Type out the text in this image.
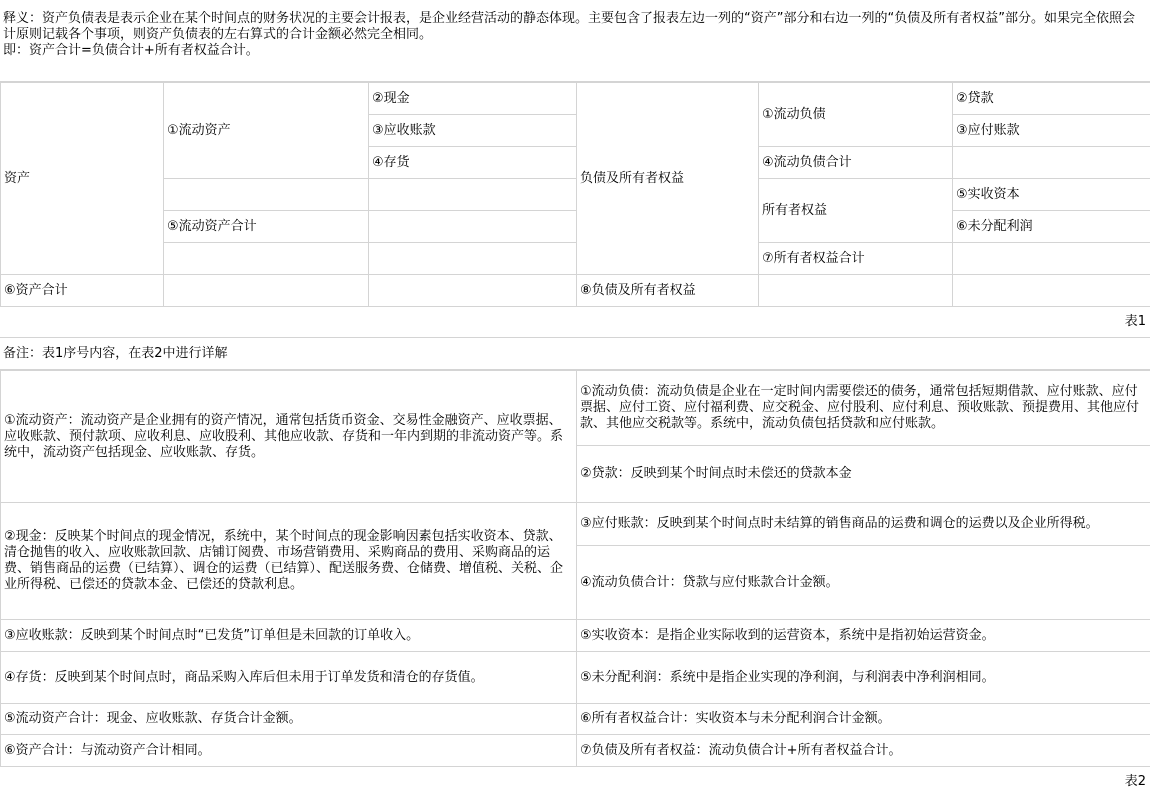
释义：资产负债表是表示企业在某个时间点的财务状况的主要会计报表，是企业经营活动的静态体现。主要包含了报表左边一列的“资产”部分和右边一列的“负债及所有者权益”部分。如果完全依照会计原则记载各个事项，则资产负债表的左右算式的合计金额必然完全相同。

即：资产合计=负债合计+所有者权益合计。

资产	①流动资产	②现金	负债及所有者权益	①流动负债	②贷款
		③应收账款			③应付账款
		④存货		④流动负债合计	
				所有者权益	⑤实收资本
	⑤流动资产合计				⑥未分配利润
				⑦所有者权益合计	
⑥资产合计			⑧负债及所有者权益		
表1
备注：表1序号内容，在表2中进行详解
①流动资产：流动资产是企业拥有的资产情况，通常包括货币资金、交易性金融资产、应收票据、应收账款、预付款项、应收利息、应收股利、其他应收款、存货和一年内到期的非流动资产等。系统中，流动资产包括现金、应收账款、存货。	①流动负债：流动负债是企业在一定时间内需要偿还的债务，通常包括短期借款、应付账款、应付票据、应付工资、应付福利费、应交税金、应付股利、应付利息、预收账款、预提费用、其他应付款、其他应交税款等。系统中，流动负债包括贷款和应付账款。
	②贷款：反映到某个时间点时未偿还的贷款本金
②现金：反映某个时间点的现金情况，系统中，某个时间点的现金影响因素包括实收资本、贷款、清仓抛售的收入、应收账款回款、店铺订阅费、市场营销费用、采购商品的费用、采购商品的运费、销售商品的运费（已结算）、调仓的运费（已结算）、配送服务费、仓储费、增值税、关税、企业所得税、已偿还的贷款本金、已偿还的贷款利息。	③应付账款：反映到某个时间点时未结算的销售商品的运费和调仓的运费以及企业所得税。
	④流动负债合计：贷款与应付账款合计金额。
③应收账款：反映到某个时间点时“已发货”订单但是未回款的订单收入。	⑤实收资本：是指企业实际收到的运营资本，系统中是指初始运营资金。
④存货：反映到某个时间点时，商品采购入库后但未用于订单发货和清仓的存货值。	⑤未分配利润：系统中是指企业实现的净利润，与利润表中净利润相同。
⑤流动资产合计：现金、应收账款、存货合计金额。	⑥所有者权益合计：实收资本与未分配利润合计金额。
⑥资产合计：与流动资产合计相同。	⑦负债及所有者权益：流动负债合计+所有者权益合计。
表2
